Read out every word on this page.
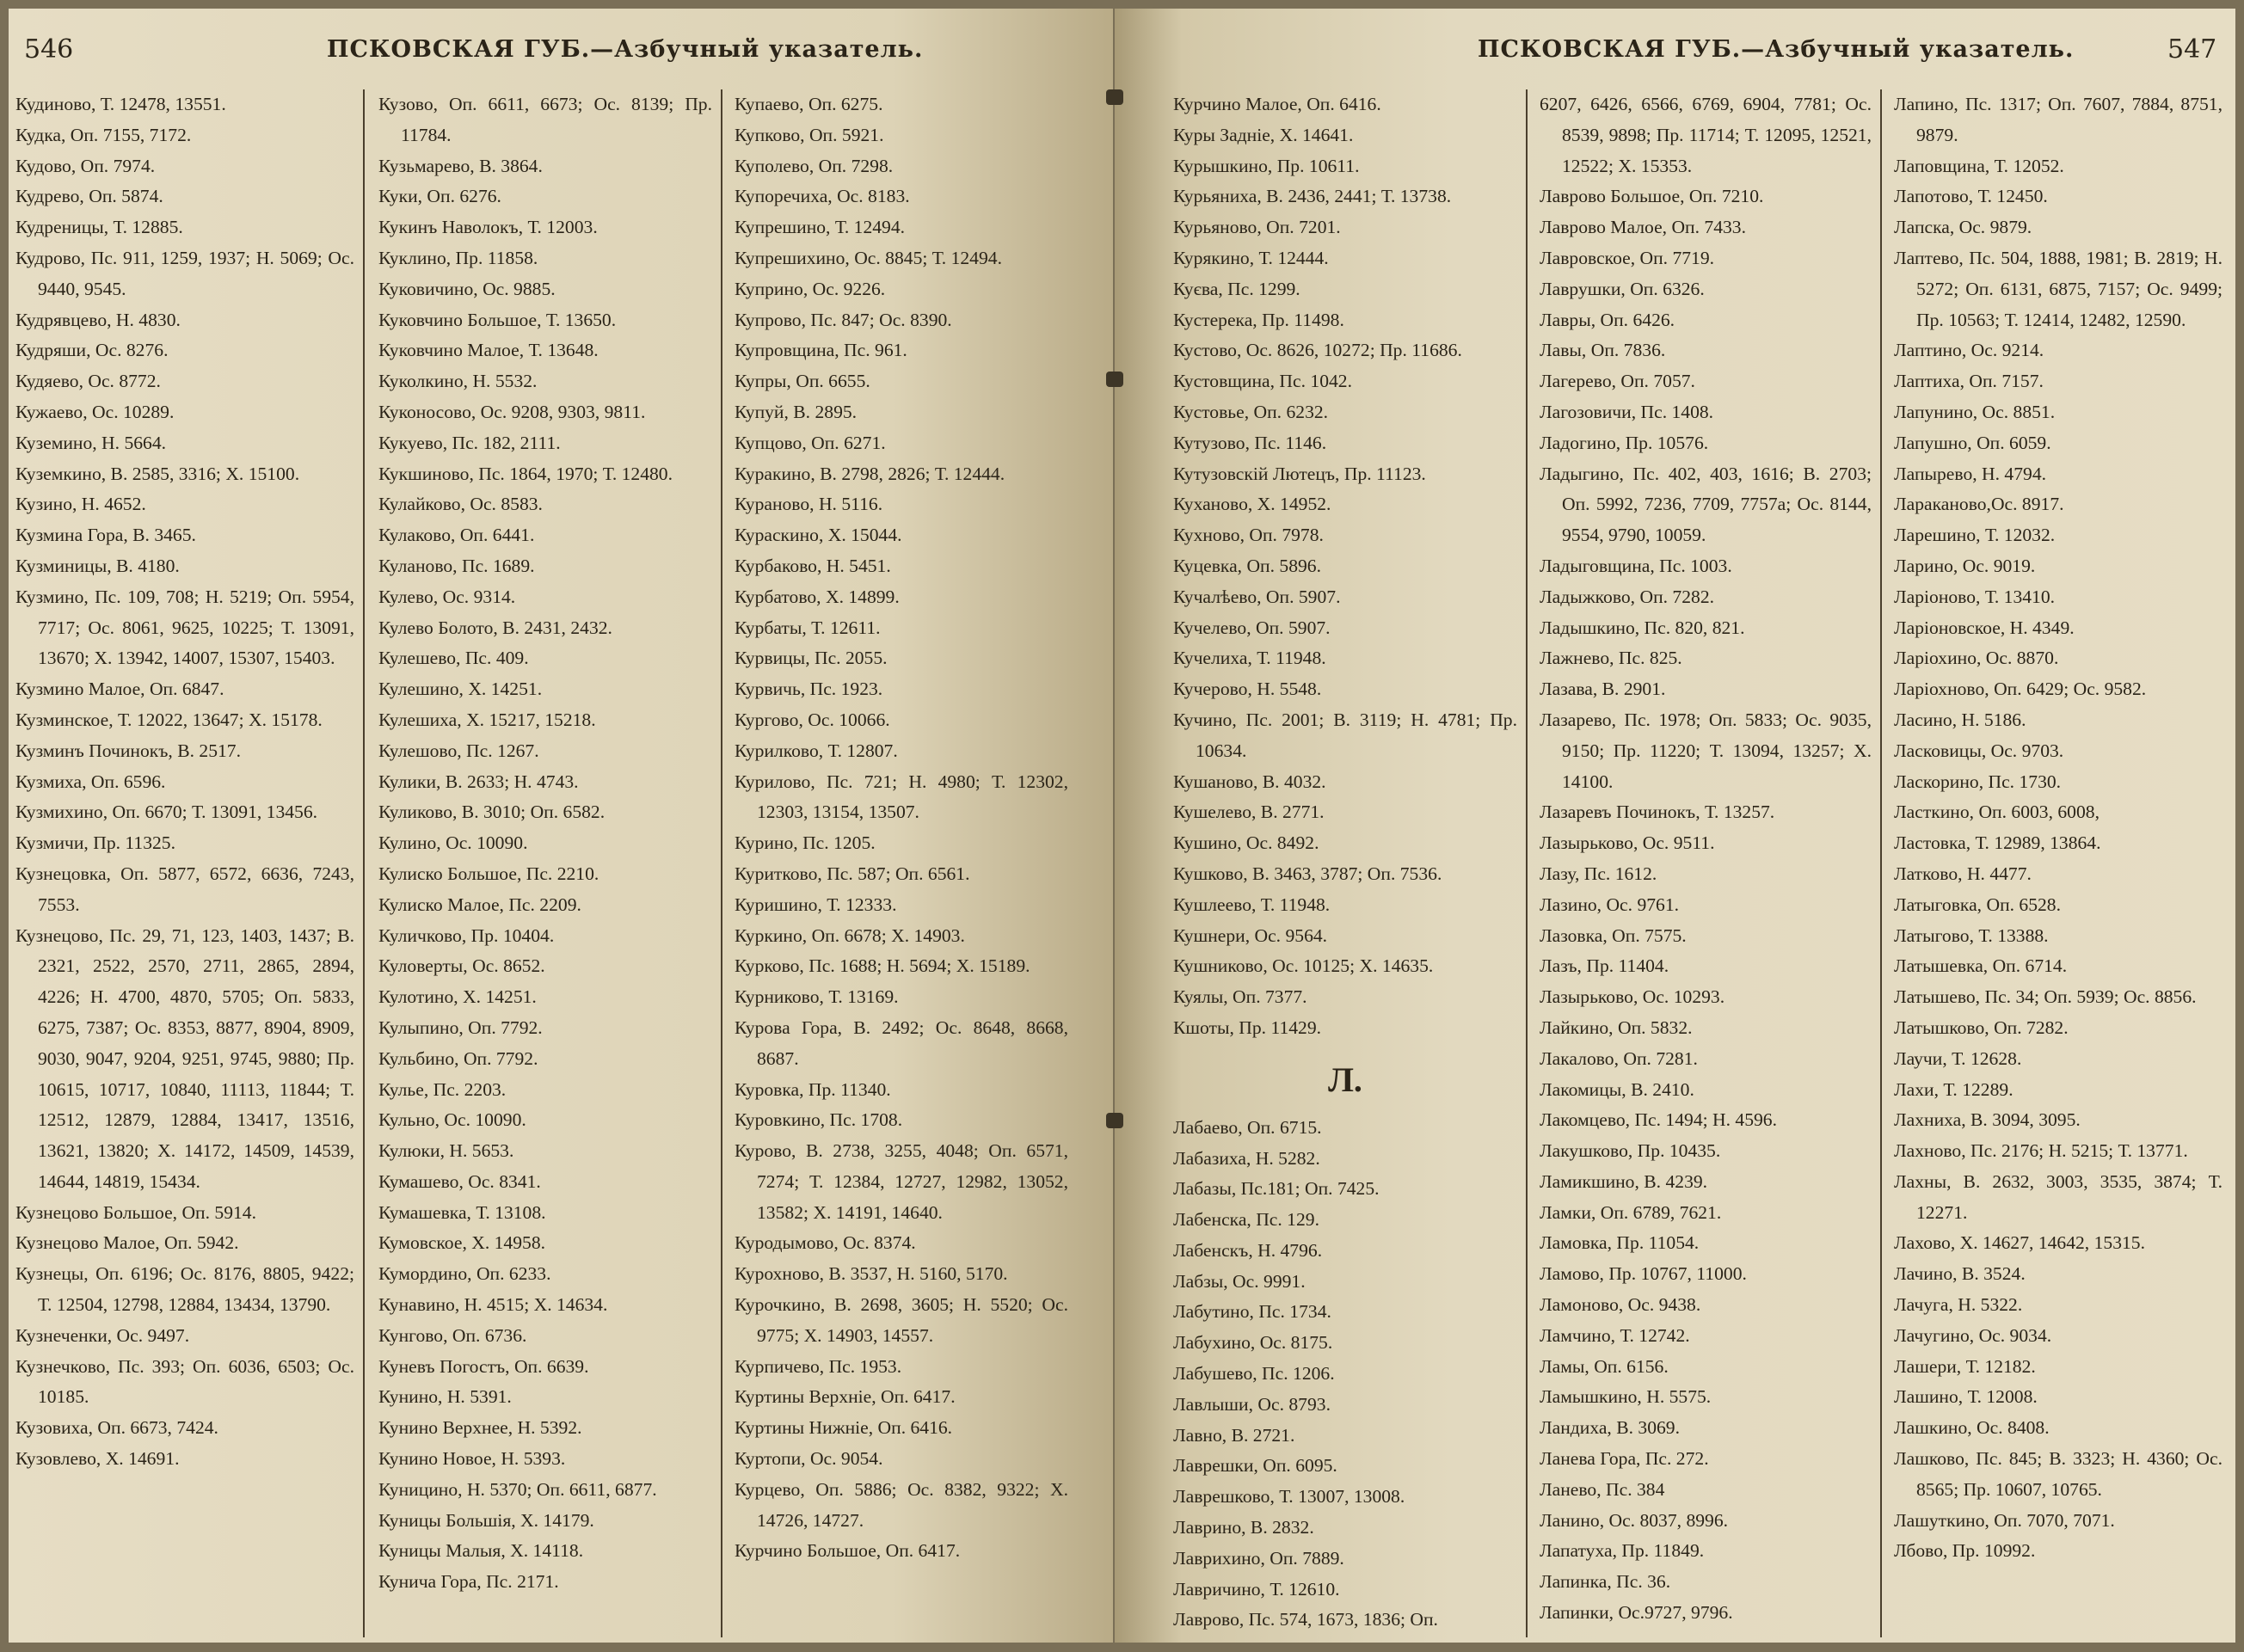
546	ПСКОВСКАЯ ГУБ.—Азбучный указатель.

Кудиново, Т. 12478, 13551.

Кудка, Оп. 7155, 7172.

Кудово, Оп. 7974.

Кудрево, Оп. 5874.

Кудреницы, Т. 12885.

Кудрово, Пс. 911, 1259, 1937; Н. 5069; Ос. 9440, 9545.

Кудрявцево, Н. 4830.

Кудряши, Ос. 8276.

Кудяево, Ос. 8772.

Кужаево, Ос. 10289.

Куземино, Н. 5664.

Куземкино, В. 2585, 3316; Х. 15100.

Кузино, Н. 4652.

Кузмина Гора, В. 3465.

Кузминицы, В. 4180.

Кузмино, Пс. 109, 708; Н. 5219; Оп. 5954, 7717; Ос. 8061, 9625, 10225; Т. 13091, 13670; Х. 13942, 14007, 15307, 15403.

Кузмино Малое, Оп. 6847.

Кузминское, Т. 12022, 13647; Х. 15178.

Кузминъ Починокъ, В. 2517.

Кузмиха, Оп. 6596.

Кузмихино, Оп. 6670; Т. 13091, 13456.

Кузмичи, Пр. 11325.

Кузнецовка, Оп. 5877, 6572, 6636, 7243, 7553.

Кузнецово, Пс. 29, 71, 123, 1403, 1437; В. 2321, 2522, 2570, 2711, 2865, 2894, 4226; Н. 4700, 4870, 5705; Оп. 5833, 6275, 7387; Ос. 8353, 8877, 8904, 8909, 9030, 9047, 9204, 9251, 9745, 9880; Пр. 10615, 10717, 10840, 11113, 11844; Т. 12512, 12879, 12884, 13417, 13516, 13621, 13820; Х. 14172, 14509, 14539, 14644, 14819, 15434.

Кузнецово Большое, Оп. 5914.

Кузнецово Малое, Оп. 5942.

Кузнецы, Оп. 6196; Ос. 8176, 8805, 9422; Т. 12504, 12798, 12884, 13434, 13790.

Кузнеченки, Ос. 9497.

Кузнечково, Пс. 393; Оп. 6036, 6503; Ос. 10185.

Кузовиха, Оп. 6673, 7424.

Кузовлево, Х. 14691.

Кузово, Оп. 6611, 6673; Ос. 8139; Пр. 11784.

Кузьмарево, В. 3864.

Куки, Оп. 6276.

Кукинъ Наволокъ, Т. 12003.

Куклино, Пр. 11858.

Куковичино, Ос. 9885.

Куковчино Большое, Т. 13650.

Куковчино Малое, Т. 13648.

Куколкино, Н. 5532.

Куконосово, Ос. 9208, 9303, 9811.

Кукуево, Пс. 182, 2111.

Кукшиново, Пс. 1864, 1970; Т. 12480.

Кулайково, Ос. 8583.

Кулаково, Оп. 6441.

Куланово, Пс. 1689.

Кулево, Ос. 9314.

Кулево Болото, В. 2431, 2432.

Кулешево, Пс. 409.

Кулешино, Х. 14251.

Кулешиха, Х. 15217, 15218.

Кулешово, Пс. 1267.

Кулики, В. 2633; Н. 4743.

Куликово, В. 3010; Оп. 6582.

Кулино, Ос. 10090.

Кулиско Большое, Пс. 2210.

Кулиско Малое, Пс. 2209.

Куличково, Пр. 10404.

Куловерты, Ос. 8652.

Кулотино, Х. 14251.

Кулыпино, Оп. 7792.

Кульбино, Оп. 7792.

Кулье, Пс. 2203.

Кульно, Ос. 10090.

Кулюки, Н. 5653.

Кумашево, Ос. 8341.

Кумашевка, Т. 13108.

Кумовское, Х. 14958.

Кумордино, Оп. 6233.

Кунавино, Н. 4515; Х. 14634.

Кунгово, Оп. 6736.

Куневъ Погостъ, Оп. 6639.

Кунино, Н. 5391.

Кунино Верхнее, Н. 5392.

Кунино Новое, Н. 5393.

Куницино, Н. 5370; Оп. 6611, 6877.

Куницы Большія, Х. 14179.

Куницы Малыя, Х. 14118.

Кунича Гора, Пс. 2171.

Купаево, Оп. 6275.

Купково, Оп. 5921.

Куполево, Оп. 7298.

Купоречиха, Ос. 8183.

Купрешино, Т. 12494.

Купрешихино, Ос. 8845; Т. 12494.

Куприно, Ос. 9226.

Купрово, Пс. 847; Ос. 8390.

Купровщина, Пс. 961.

Купры, Оп. 6655.

Купуй, В. 2895.

Купцово, Оп. 6271.

Куракино, В. 2798, 2826; Т. 12444.

Кураново, Н. 5116.

Кураскино, Х. 15044.

Курбаково, Н. 5451.

Курбатово, Х. 14899.

Курбаты, Т. 12611.

Курвицы, Пс. 2055.

Курвичь, Пс. 1923.

Курговo, Ос. 10066.

Курилково, Т. 12807.

Курилово, Пс. 721; Н. 4980; Т. 12302, 12303, 13154, 13507.

Курино, Пс. 1205.

Куритково, Пс. 587; Оп. 6561.

Куришино, Т. 12333.

Куркино, Оп. 6678; Х. 14903.

Курково, Пс. 1688; Н. 5694; Х. 15189.

Курниково, Т. 13169.

Курова Гора, В. 2492; Ос. 8648, 8668, 8687.

Куровка, Пр. 11340.

Куровкино, Пс. 1708.

Курово, В. 2738, 3255, 4048; Оп. 6571, 7274; Т. 12384, 12727, 12982, 13052, 13582; Х. 14191, 14640.

Куродымово, Ос. 8374.

Курохново, В. 3537, Н. 5160, 5170.

Курочкино, В. 2698, 3605; Н. 5520; Ос. 9775; Х. 14903, 14557.

Курпичево, Пс. 1953.

Куртины Верхніе, Оп. 6417.

Куртины Нижніе, Оп. 6416.

Куртопи, Ос. 9054.

Курцево, Оп. 5886; Ос. 8382, 9322; Х. 14726, 14727.

Курчино Большое, Оп. 6417.

ПСКОВСКАЯ ГУБ.—Азбучный указатель.	547

Курчино Малое, Оп. 6416.

Куры Задніе, Х. 14641.

Курышкино, Пр. 10611.

Курьяниха, В. 2436, 2441; Т. 13738.

Курьяново, Оп. 7201.

Курякино, Т. 12444.

Куєва, Пс. 1299.

Кустерека, Пр. 11498.

Кустово, Ос. 8626, 10272; Пр. 11686.

Кустовщина, Пс. 1042.

Кустовье, Оп. 6232.

Кутузово, Пс. 1146.

Кутузовскій Лютецъ, Пр. 11123.

Куханово, Х. 14952.

Кухново, Оп. 7978.

Куцевка, Оп. 5896.

Кучалѣево, Оп. 5907.

Кучелево, Оп. 5907.

Кучелиха, Т. 11948.

Кучерово, Н. 5548.

Кучино, Пс. 2001; В. 3119; Н. 4781; Пр. 10634.

Кушаново, В. 4032.

Кушелево, В. 2771.

Кушино, Ос. 8492.

Кушково, В. 3463, 3787; Оп. 7536.

Кушлеево, Т. 11948.

Кушнери, Ос. 9564.

Кушниково, Ос. 10125; Х. 14635.

Куялы, Оп. 7377.

Кшоты, Пр. 11429.

Л.

Лабаево, Оп. 6715.

Лабазиха, Н. 5282.

Лабазы, Пс.181; Оп. 7425.

Лабенска, Пс. 129.

Лабенскъ, Н. 4796.

Лабзы, Ос. 9991.

Лабутино, Пс. 1734.

Лабухино, Ос. 8175.

Лабушево, Пс. 1206.

Лавлыши, Ос. 8793.

Лавно, В. 2721.

Лаврешки, Оп. 6095.

Лаврешково, Т. 13007, 13008.

Лаврино, В. 2832.

Лаврихино, Оп. 7889.

Лавричино, Т. 12610.

Лаврово, Пс. 574, 1673, 1836; Оп.

6207, 6426, 6566, 6769, 6904, 7781; Ос. 8539, 9898; Пр. 11714; Т. 12095, 12521, 12522; Х. 15353.

Лаврово Большое, Оп. 7210.

Лаврово Малое, Оп. 7433.

Лавровское, Оп. 7719.

Лаврушки, Оп. 6326.

Лавры, Оп. 6426.

Лавы, Оп. 7836.

Лагерево, Оп. 7057.

Лагозовичи, Пс. 1408.

Ладогино, Пр. 10576.

Ладыгино, Пс. 402, 403, 1616; В. 2703; Оп. 5992, 7236, 7709, 7757а; Ос. 8144, 9554, 9790, 10059.

Ладыговщина, Пс. 1003.

Ладыжково, Оп. 7282.

Ладышкино, Пс. 820, 821.

Лажнево, Пс. 825.

Лазава, В. 2901.

Лазарево, Пс. 1978; Оп. 5833; Ос. 9035, 9150; Пр. 11220; Т. 13094, 13257; Х. 14100.

Лазаревъ Починокъ, Т. 13257.

Лазырьково, Ос. 9511.

Лазу, Пс. 1612.

Лазино, Ос. 9761.

Лазовка, Оп. 7575.

Лазъ, Пр. 11404.

Лазырьково, Ос. 10293.

Лайкино, Оп. 5832.

Лакалово, Оп. 7281.

Лакомицы, В. 2410.

Лакомцево, Пс. 1494; Н. 4596.

Лакушково, Пр. 10435.

Ламикшино, В. 4239.

Ламки, Оп. 6789, 7621.

Ламовка, Пр. 11054.

Ламово, Пр. 10767, 11000.

Ламоново, Ос. 9438.

Ламчино, Т. 12742.

Ламы, Оп. 6156.

Ламышкино, Н. 5575.

Ландиха, В. 3069.

Ланева Гора, Пс. 272.

Ланево, Пс. 384

Ланино, Ос. 8037, 8996.

Лапатуха, Пр. 11849.

Лапинка, Пс. 36.

Лапинки, Ос.9727, 9796.

Лапино, Пс. 1317; Оп. 7607, 7884, 8751, 9879.

Лаповщина, Т. 12052.

Лапотово, Т. 12450.

Лапска, Ос. 9879.

Лаптево, Пс. 504, 1888, 1981; В. 2819; Н. 5272; Оп. 6131, 6875, 7157; Ос. 9499; Пр. 10563; Т. 12414, 12482, 12590.

Лаптино, Ос. 9214.

Лаптиха, Оп. 7157.

Лапунино, Ос. 8851.

Лапушно, Оп. 6059.

Лапырево, Н. 4794.

Лараканово,Ос. 8917.

Ларешино, Т. 12032.

Ларино, Ос. 9019.

Ларіоново, Т. 13410.

Ларіоновское, Н. 4349.

Ларіохино, Ос. 8870.

Ларіохново, Оп. 6429; Ос. 9582.

Ласино, Н. 5186.

Ласковицы, Ос. 9703.

Ласкорино, Пс. 1730.

Ласткино, Оп. 6003, 6008,

Ластовка, Т. 12989, 13864.

Латково, Н. 4477.

Латыговка, Оп. 6528.

Латыгово, Т. 13388.

Латышевка, Оп. 6714.

Латышево, Пс. 34; Оп. 5939; Ос. 8856.

Латышково, Оп. 7282.

Лаучи, Т. 12628.

Лахи, Т. 12289.

Лахниха, В. 3094, 3095.

Лахново, Пс. 2176; Н. 5215; Т. 13771.

Лахны, В. 2632, 3003, 3535, 3874; Т. 12271.

Лахово, Х. 14627, 14642, 15315.

Лачино, В. 3524.

Лачуга, Н. 5322.

Лачугино, Ос. 9034.

Лашери, Т. 12182.

Лашино, Т. 12008.

Лашкино, Ос. 8408.

Лашково, Пс. 845; В. 3323; Н. 4360; Ос. 8565; Пр. 10607, 10765.

Лашуткино, Оп. 7070, 7071.

Лбово, Пр. 10992.
